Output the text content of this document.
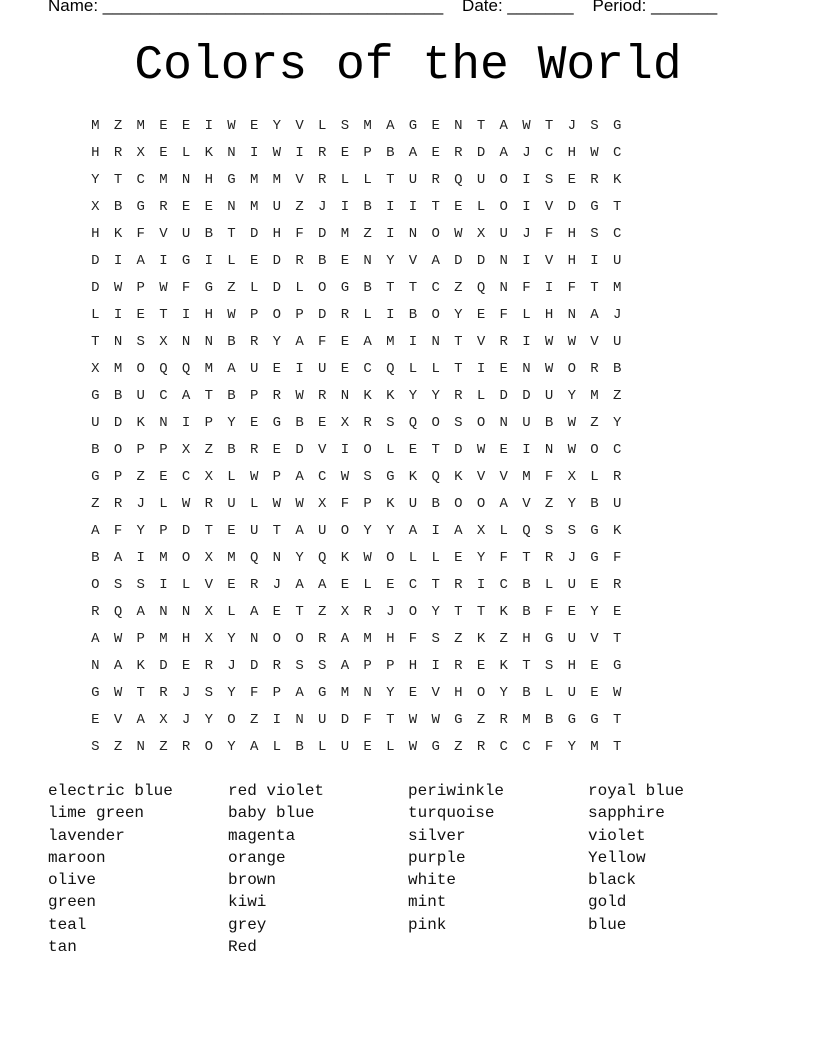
Name: ____________________________________    Date: _______    Period: _______
Colors of the World
M	Z	M	E	E	I	W	E	Y	V	L	S	M	A	G	E	N	T	A	W	T	J	S	G
H	R	X	E	L	K	N	I	W	I	R	E	P	B	A	E	R	D	A	J	C	H	W	C
Y	T	C	M	N	H	G	M	M	V	R	L	L	T	U	R	Q	U	O	I	S	E	R	K
X	B	G	R	E	E	N	M	U	Z	J	I	B	I	I	T	E	L	O	I	V	D	G	T
H	K	F	V	U	B	T	D	H	F	D	M	Z	I	N	O	W	X	U	J	F	H	S	C
D	I	A	I	G	I	L	E	D	R	B	E	N	Y	V	A	D	D	N	I	V	H	I	U
D	W	P	W	F	G	Z	L	D	L	O	G	B	T	T	C	Z	Q	N	F	I	F	T	M
L	I	E	T	I	H	W	P	O	P	D	R	L	I	B	O	Y	E	F	L	H	N	A	J
T	N	S	X	N	N	B	R	Y	A	F	E	A	M	I	N	T	V	R	I	W	W	V	U
X	M	O	Q	Q	M	A	U	E	I	U	E	C	Q	L	L	T	I	E	N	W	O	R	B
G	B	U	C	A	T	B	P	R	W	R	N	K	K	Y	Y	R	L	D	D	U	Y	M	Z
U	D	K	N	I	P	Y	E	G	B	E	X	R	S	Q	O	S	O	N	U	B	W	Z	Y
B	O	P	P	X	Z	B	R	E	D	V	I	O	L	E	T	D	W	E	I	N	W	O	C
G	P	Z	E	C	X	L	W	P	A	C	W	S	G	K	Q	K	V	V	M	F	X	L	R
Z	R	J	L	W	R	U	L	W	W	X	F	P	K	U	B	O	O	A	V	Z	Y	B	U
A	F	Y	P	D	T	E	U	T	A	U	O	Y	Y	A	I	A	X	L	Q	S	S	G	K
B	A	I	M	O	X	M	Q	N	Y	Q	K	W	O	L	L	E	Y	F	T	R	J	G	F
O	S	S	I	L	V	E	R	J	A	A	E	L	E	C	T	R	I	C	B	L	U	E	R
R	Q	A	N	N	X	L	A	E	T	Z	X	R	J	O	Y	T	T	K	B	F	E	Y	E
A	W	P	M	H	X	Y	N	O	O	R	A	M	H	F	S	Z	K	Z	H	G	U	V	T
N	A	K	D	E	R	J	D	R	S	S	A	P	P	H	I	R	E	K	T	S	H	E	G
G	W	T	R	J	S	Y	F	P	A	G	M	N	Y	E	V	H	O	Y	B	L	U	E	W
E	V	A	X	J	Y	O	Z	I	N	U	D	F	T	W	W	G	Z	R	M	B	G	G	T
S	Z	N	Z	R	O	Y	A	L	B	L	U	E	L	W	G	Z	R	C	C	F	Y	M	T
electric blue
lime green
lavender
maroon
olive
green
teal
tan
red violet
baby blue
magenta
orange
brown
kiwi
grey
Red
periwinkle
turquoise
silver
purple
white
mint
pink
royal blue
sapphire
violet
Yellow
black
gold
blue
